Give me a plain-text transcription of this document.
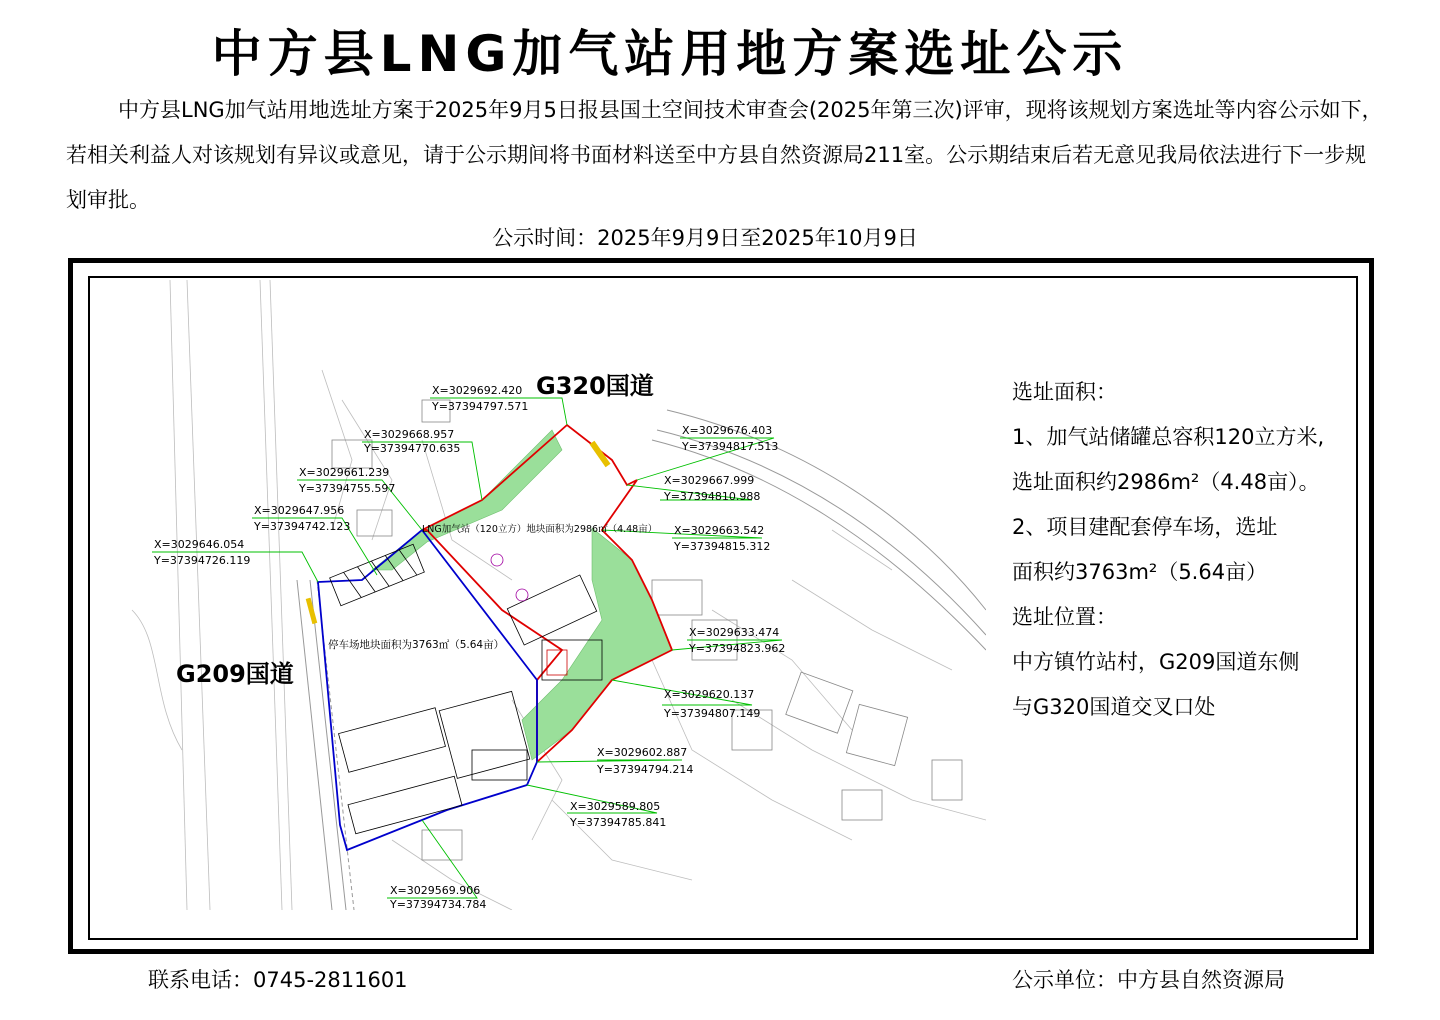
中方县LNG加气站用地方案选址公示

中方县LNG加气站用地选址方案于2025年9月5日报县国土空间技术审查会(2025年第三次)评审，现将该规划方案选址等内容公示如下，若相关利益人对该规划有异议或意见，请于公示期间将书面材料送至中方县自然资源局211室。公示期结束后若无意见我局依法进行下一步规划审批。

公示时间：2025年9月9日至2025年10月9日
X=3029692.420
Y=37394797.571
X=3029668.957
Y=37394770.635
X=3029661.239
Y=37394755.597
X=3029647.956
Y=37394742.123
X=3029646.054
Y=37394726.119
X=3029676.403
Y=37394817.513
X=3029667.999
Y=37394810.988
X=3029663.542
Y=37394815.312
X=3029633.474
Y=37394823.962
X=3029620.137
Y=37394807.149
X=3029602.887
Y=37394794.214
X=3029589.805
Y=37394785.841
X=3029569.906
Y=37394734.784
LNG加气站（120立方）地块面积为2986㎡（4.48亩）
停车场地块面积为3763㎡（5.64亩）
G320国道
G209国道
选址面积：
1、加气站储罐总容积120立方米,
选址面积约2986m²（4.48亩）。
2、项目建配套停车场，选址
面积约3763m²（5.64亩）
选址位置：
中方镇竹站村，G209国道东侧
与G320国道交叉口处
联系电话：0745-2811601	公示单位：中方县自然资源局
